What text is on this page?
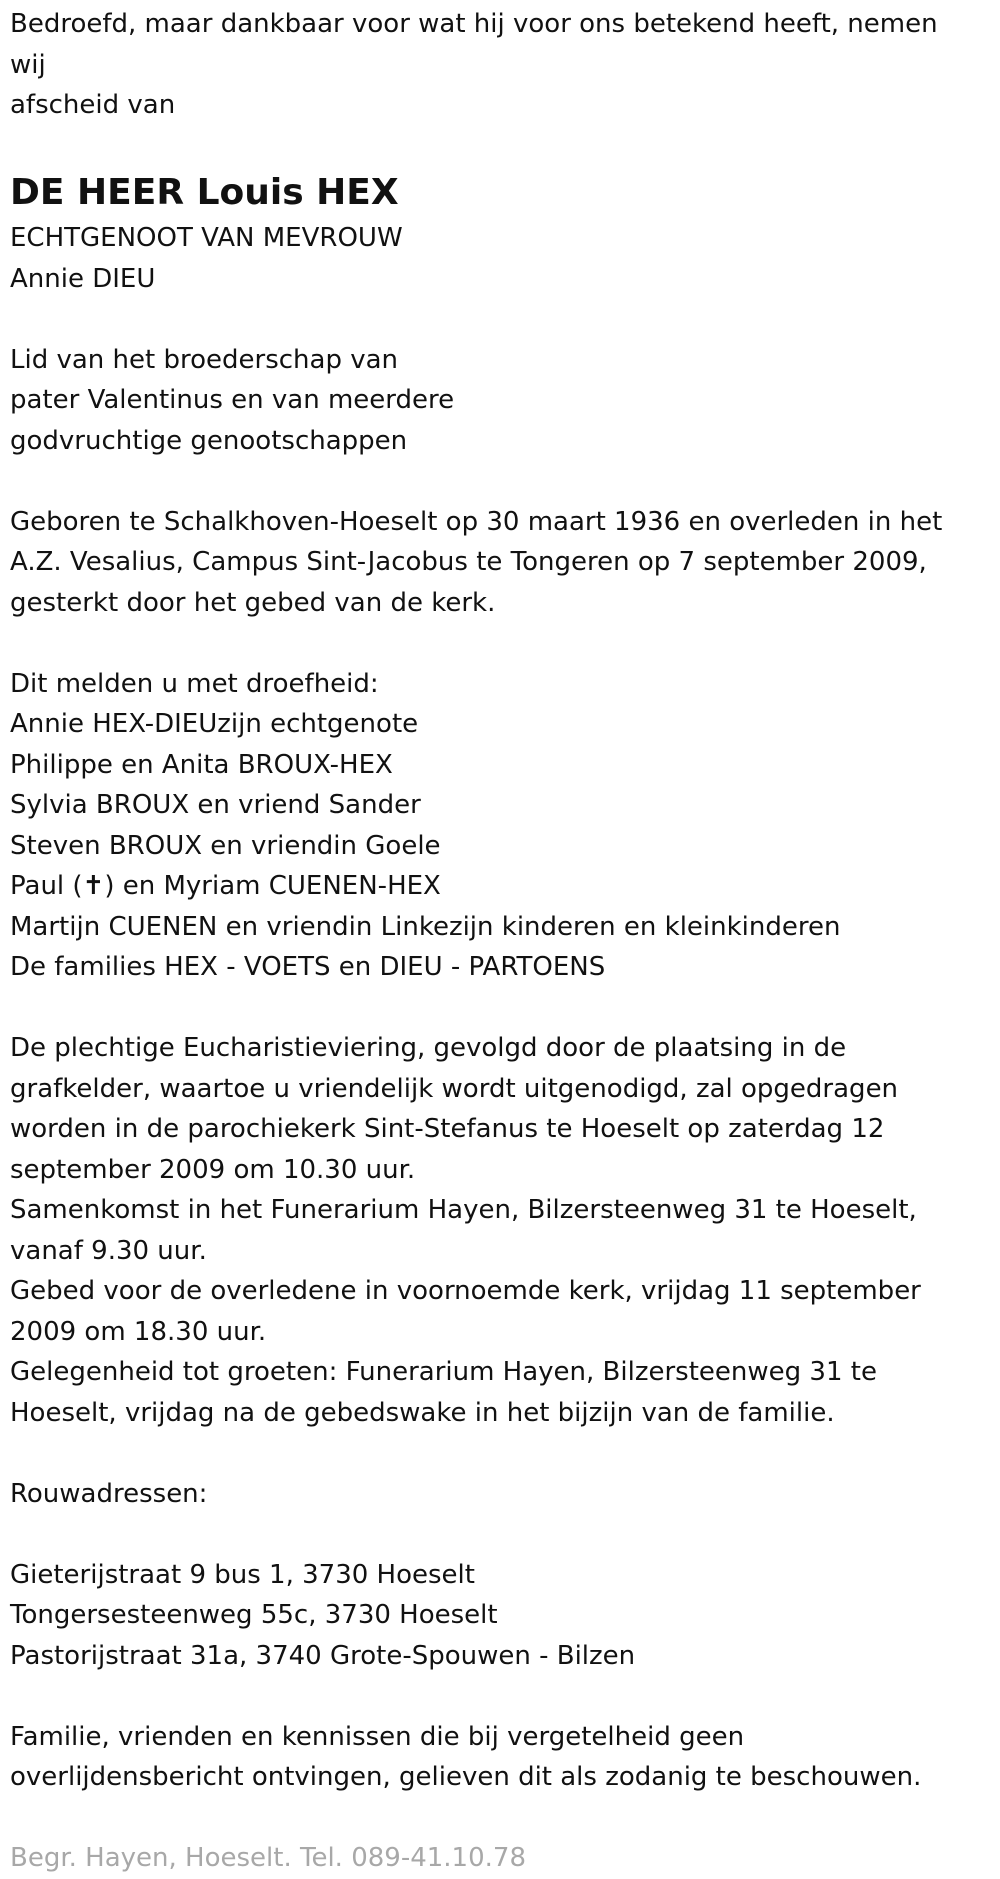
Bedroefd, maar dankbaar voor wat hij voor ons betekend heeft, nemen
wij
afscheid van
DE HEER Louis HEX
ECHTGENOOT VAN MEVROUW
Annie DIEU
Lid van het broederschap van
pater Valentinus en van meerdere
godvruchtige genootschappen
Geboren te Schalkhoven-Hoeselt op 30 maart 1936 en overleden in het
A.Z. Vesalius, Campus Sint-Jacobus te Tongeren op 7 september 2009,
gesterkt door het gebed van de kerk.
Dit melden u met droefheid:
Annie HEX-DIEUzijn echtgenote
Philippe en Anita BROUX-HEX
Sylvia BROUX en vriend Sander
Steven BROUX en vriendin Goele
Paul (✝) en Myriam CUENEN-HEX
Martijn CUENEN en vriendin Linkezijn kinderen en kleinkinderen
De families HEX - VOETS en DIEU - PARTOENS
De plechtige Eucharistieviering, gevolgd door de plaatsing in de
grafkelder, waartoe u vriendelijk wordt uitgenodigd, zal opgedragen
worden in de parochiekerk Sint-Stefanus te Hoeselt op zaterdag 12
september 2009 om 10.30 uur.
Samenkomst in het Funerarium Hayen, Bilzersteenweg 31 te Hoeselt,
vanaf 9.30 uur.
Gebed voor de overledene in voornoemde kerk, vrijdag 11 september
2009 om 18.30 uur.
Gelegenheid tot groeten: Funerarium Hayen, Bilzersteenweg 31 te
Hoeselt, vrijdag na de gebedswake in het bijzijn van de familie.
Rouwadressen:
Gieterijstraat 9 bus 1, 3730 Hoeselt
Tongersesteenweg 55c, 3730 Hoeselt
Pastorijstraat 31a, 3740 Grote-Spouwen - Bilzen
Familie, vrienden en kennissen die bij vergetelheid geen
overlijdensbericht ontvingen, gelieven dit als zodanig te beschouwen.
Begr. Hayen, Hoeselt. Tel. 089-41.10.78
